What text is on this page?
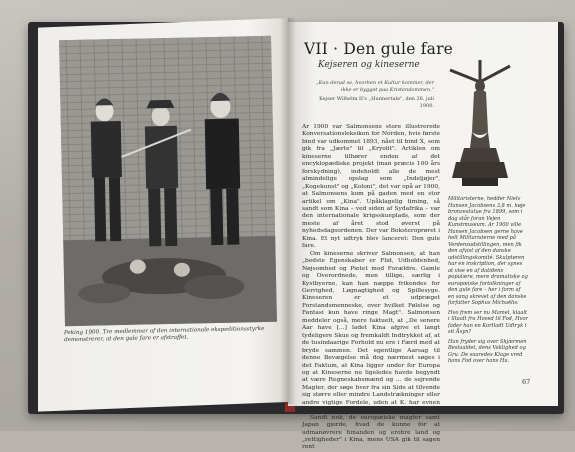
Peking 1900. Tre medlemmer af den internationale ekspeditionsstyrke demonstrerer, at den gule fare er afstraffet.
VII · Den gule fare
Kejseren og kineserne
„Kun derad se, hvorhen et Kultur kommer, der ikke er bygget paa Kristendommen."
Kejser Wilhelm II's „Hunnertale", den 28. juli 1900.

Ar 1900 var Salmonsens store illustrerede Konversationsleksikon for Norden, hvis første bind var udkommet 1893, nået til bind X, som gik fra „Jærte" til „Kryolit". Artiklen om kineserne tilhører enden af det encyklopædiske projekt (man præcis 100 års forskydning), indeholdt alle de mest almindelige opslag som „Indeljøjer", „Kogekunst" og „Koloni", det var opå ar 1900, at Salmonsens kom på gaden med en stor artikel om „Kina". Upåklagelig timing, så sandt som Kina – ved siden af Sydafrika – var den internationale krigsskueplads, som der meste af året stod øverst på nyhedsdagsordenen. Der var Boksteroprøret i Kina. Et nyt udtryk blev lanceret: Den gule fare.

Om kineserne skriver Salmonsen, at han „bedste Egenskaber er Flid, Udholdenhed, Nøjsomhed og Pietet mod Forældre. Gamle og Overordnede, men tillige, særlig i Kystbyerne, kan han næppe frikendes for Gerrighed, Løgnagtighed og Spillesyge. Kineseren er et udpræget Forstandsmenneske, over hvilket Følelse og Fantasi kun have ringe Magt". Salmonsen meddeler også, mere faktuelt, at „De senere Aar have [...] ladet Kina afgive et langt tydeligere Skue og fremkaldt Indtrykket af, at de tusindaarige Forhold nu ere i Færd med at bryde sammen. Det egentlige Aarsag til denne Bevægelse må dog nærmest søges i det Faktum, at Kina ligger under for Europa og at Kineserne nu ligeledes havde begyndt at være Regneskabsmænd og ... de sejrende Magter, der søge hver fra sin Side at tilvende sig større eller mindre Landstrækninger eller andre vigtige Fordele, uden at K. har evnen med eller Magt til at værge disse Forsøg."

Sandt nok, de europæiske magter samt Japan gjorde, hvad de kunne for at udmanøvrere hinanden og erobre land og „rettigheder" i Kina, mens USA gik til sagen rent

Militaristerne, hedder Nielv Hansen Jacobsens 3,8 m. høje bronzestatue fra 1899, som i dag står foran Vejen Kunstmuseum. Ar 1900 ville Hansen Jacobsen gerne have helt Militaristerne med på Verdensudstillingen, men fik den afvist af den danske udstillingskomité. Skulptøren har en inskription, der synes at vise en af datidens populære, mere dramatiske og europæiske fortolkninger af den gule fare – her i form af en sang skrevet af den danske forfatter Sophus Michaëlis:

Hvo frem ser nu Mamel, klaalt i Staalt fra Hoved til Fod, Hvor fader han en Kortladt Udtryk i sit Åsyn?

Han fryder sig over Skjærmen Bestaaldet, dens Vaklighed og Gru. De saaredes Klage vred hans Fod over hans Hu.

67
